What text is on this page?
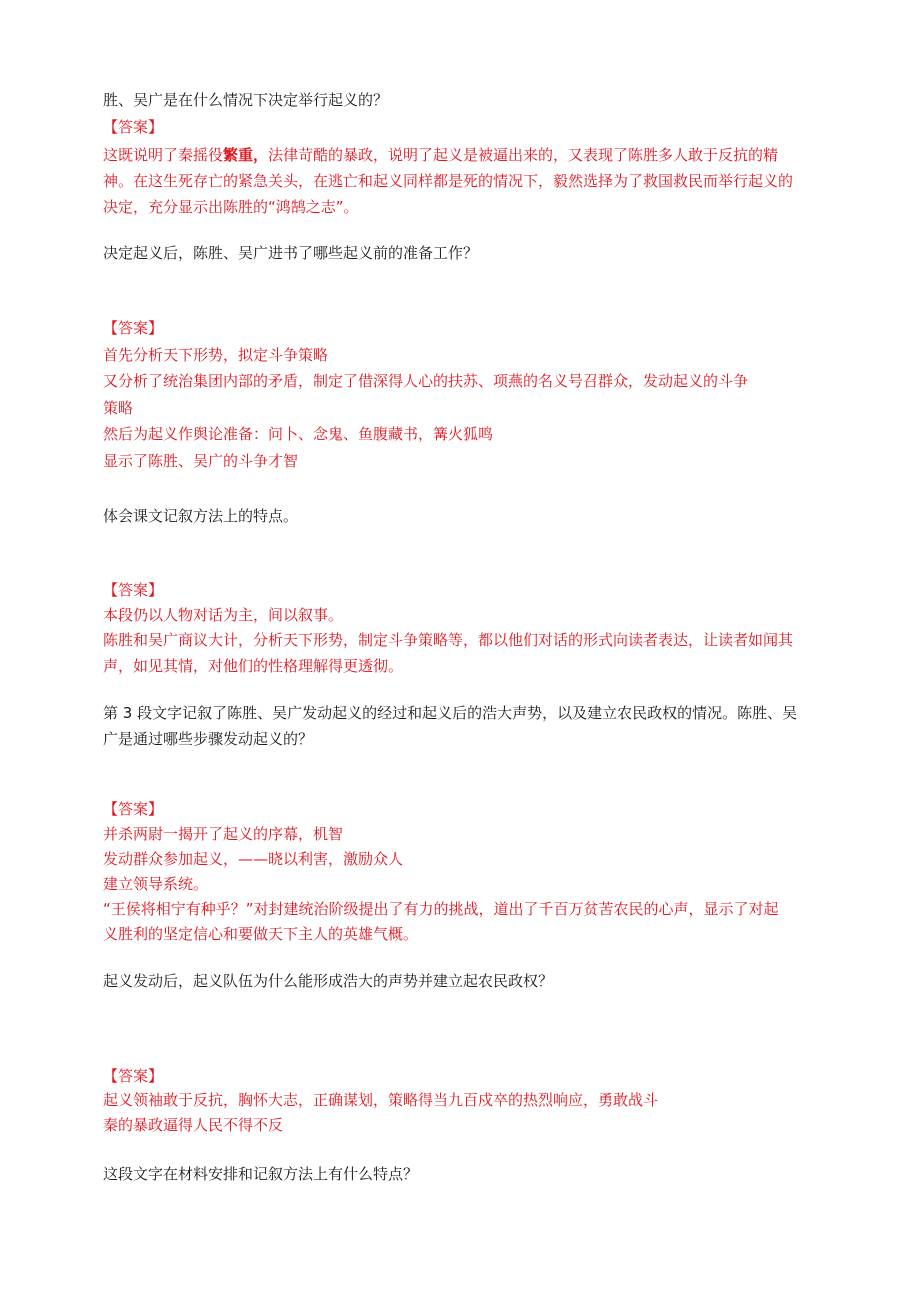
胜、吴广是在什么情况下决定举行起义的？
【答案】
这既说明了秦摇役繁重，法律苛酷的暴政，说明了起义是被逼出来的，又表现了陈胜多人敢于反抗的精
神。在这生死存亡的紧急关头，在逃亡和起义同样都是死的情况下，毅然选择为了救国救民而举行起义的
决定，充分显示出陈胜的“鸿鹄之志”。
决定起义后，陈胜、吴广进书了哪些起义前的准备工作？
【答案】
首先分析天下形势，拟定斗争策略
又分析了统治集团内部的矛盾，制定了借深得人心的扶苏、项燕的名义号召群众，发动起义的斗争
策略
然后为起义作舆论准备：问卜、念鬼、鱼腹藏书，篝火狐鸣
显示了陈胜、吴广的斗争才智
体会课文记叙方法上的特点。
【答案】
本段仍以人物对话为主，间以叙事。
陈胜和吴广商议大计，分析天下形势，制定斗争策略等，都以他们对话的形式向读者表达，让读者如闻其
声，如见其情，对他们的性格理解得更透彻。
第 3 段文字记叙了陈胜、吴广发动起义的经过和起义后的浩大声势，以及建立农民政权的情况。陈胜、吴
广是通过哪些步骤发动起义的？
【答案】
并杀两尉一揭开了起义的序幕，机智
发动群众参加起义，——晓以利害，激励众人
建立领导系统。
“王侯将相宁有种乎？”对封建统治阶级提出了有力的挑战，道出了千百万贫苦农民的心声，显示了对起
义胜利的坚定信心和要做天下主人的英雄气概。
起义发动后，起义队伍为什么能形成浩大的声势并建立起农民政权？
【答案】
起义领袖敢于反抗，胸怀大志，正确谋划，策略得当九百戍卒的热烈响应，勇敢战斗
秦的暴政逼得人民不得不反
这段文字在材料安排和记叙方法上有什么特点？
